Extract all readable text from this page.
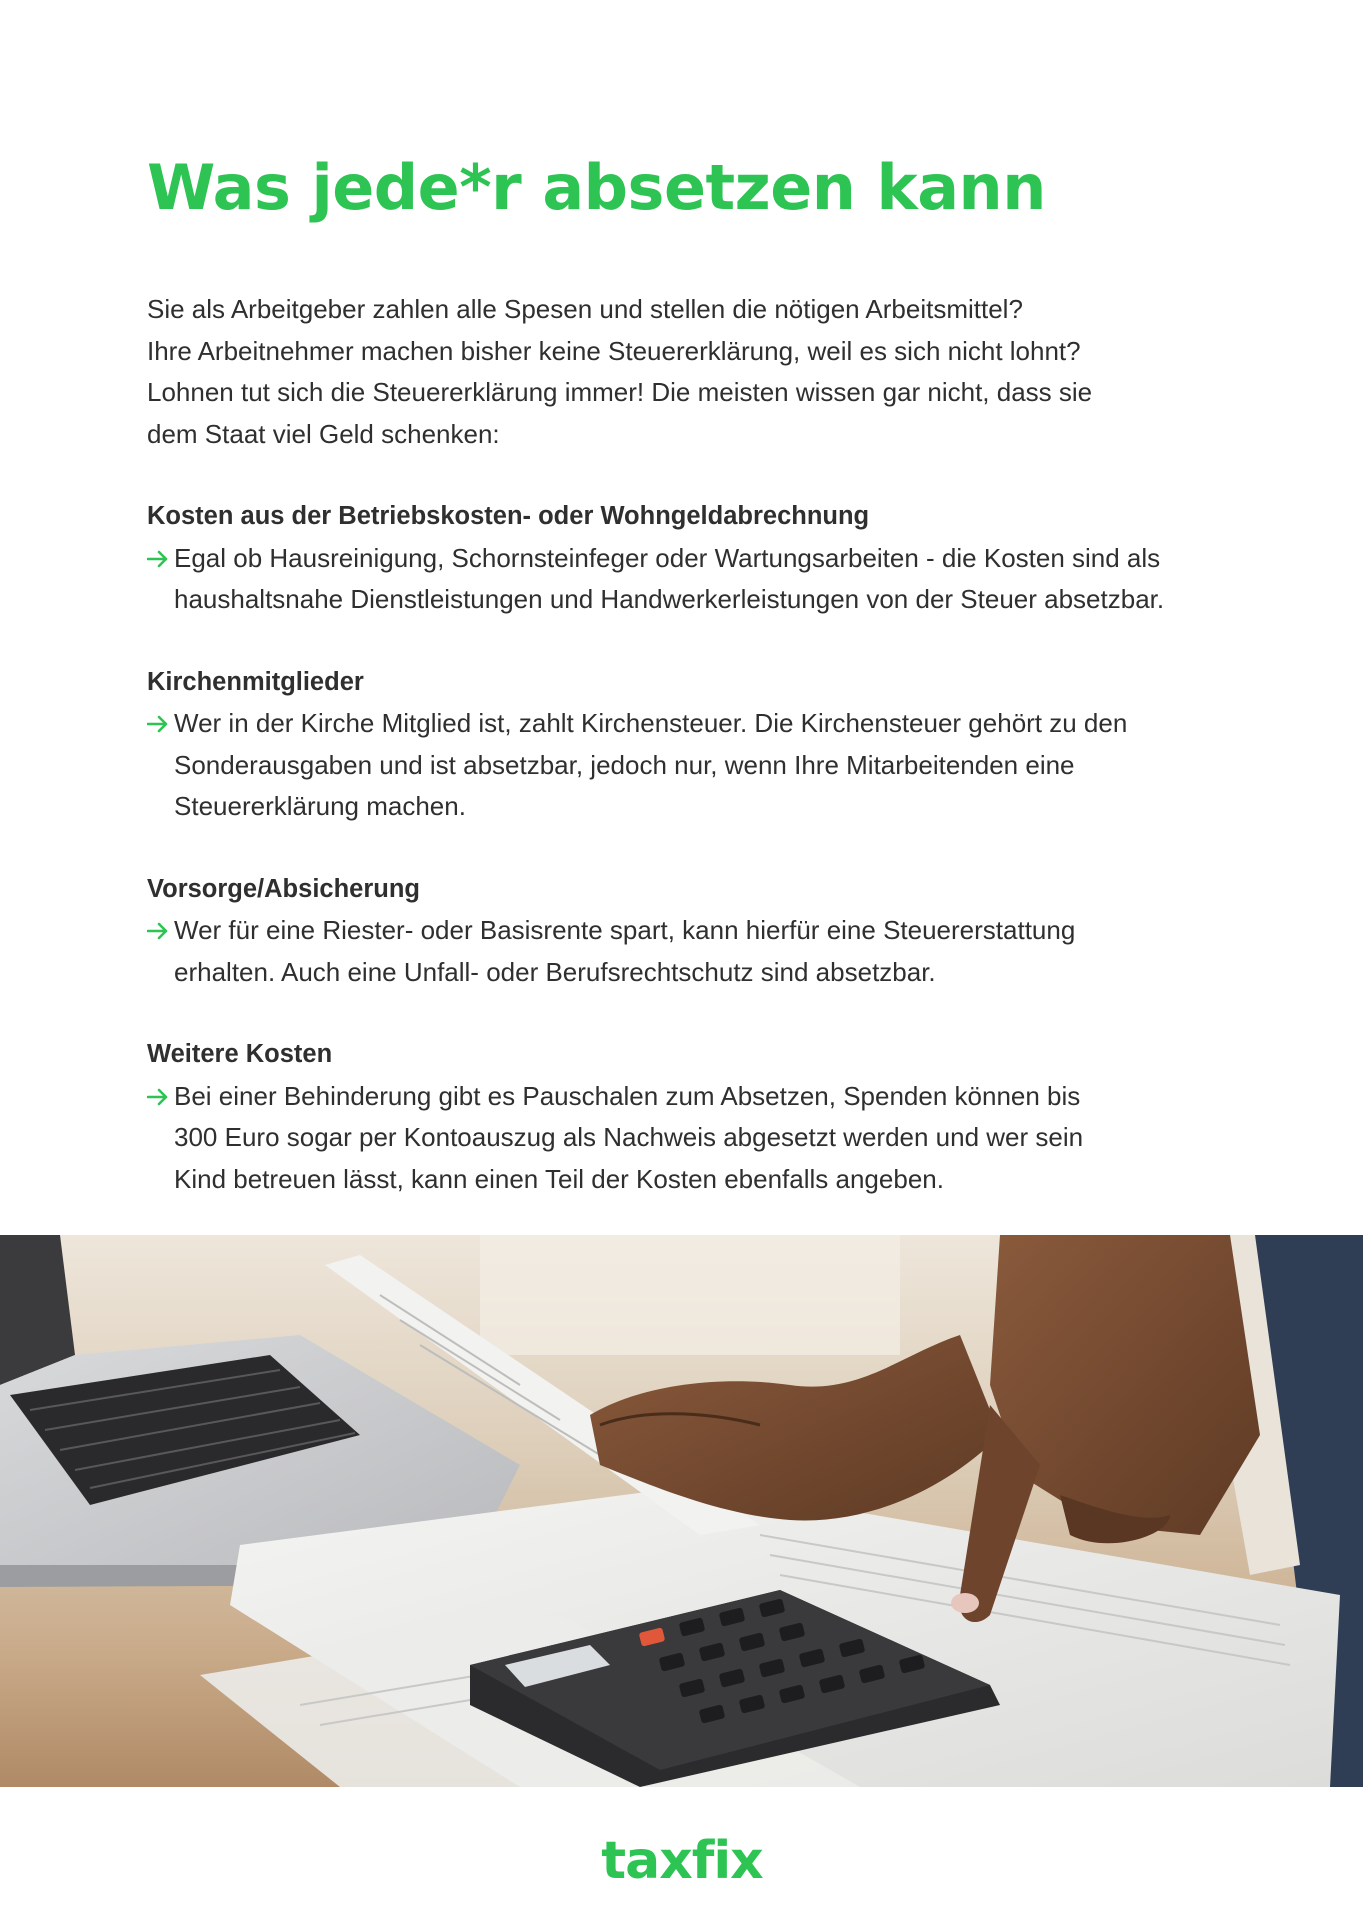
Was jede*r absetzen kann

Sie als Arbeitgeber zahlen alle Spesen und stellen die nötigen Arbeitsmittel?

Ihre Arbeitnehmer machen bisher keine Steuererklärung, weil es sich nicht lohnt?

Lohnen tut sich die Steuererklärung immer! Die meisten wissen gar nicht, dass sie

dem Staat viel Geld schenken:

Kosten aus der Betriebskosten- oder Wohngeldabrechnung
Egal ob Hausreinigung, Schornsteinfeger oder Wartungsarbeiten - die Kosten sind als
haushaltsnahe Dienstleistungen und Handwerkerleistungen von der Steuer absetzbar.
Kirchenmitglieder
Wer in der Kirche Mitglied ist, zahlt Kirchensteuer. Die Kirchensteuer gehört zu den
Sonderausgaben und ist absetzbar, jedoch nur, wenn Ihre Mitarbeitenden eine
Steuererklärung machen.
Vorsorge/Absicherung
Wer für eine Riester- oder Basisrente spart, kann hierfür eine Steuererstattung
erhalten. Auch eine Unfall- oder Berufsrechtschutz sind absetzbar.
Weitere Kosten
Bei einer Behinderung gibt es Pauschalen zum Absetzen, Spenden können bis
300 Euro sogar per Kontoauszug als Nachweis abgesetzt werden und wer sein
Kind betreuen lässt, kann einen Teil der Kosten ebenfalls angeben.
taxfix
